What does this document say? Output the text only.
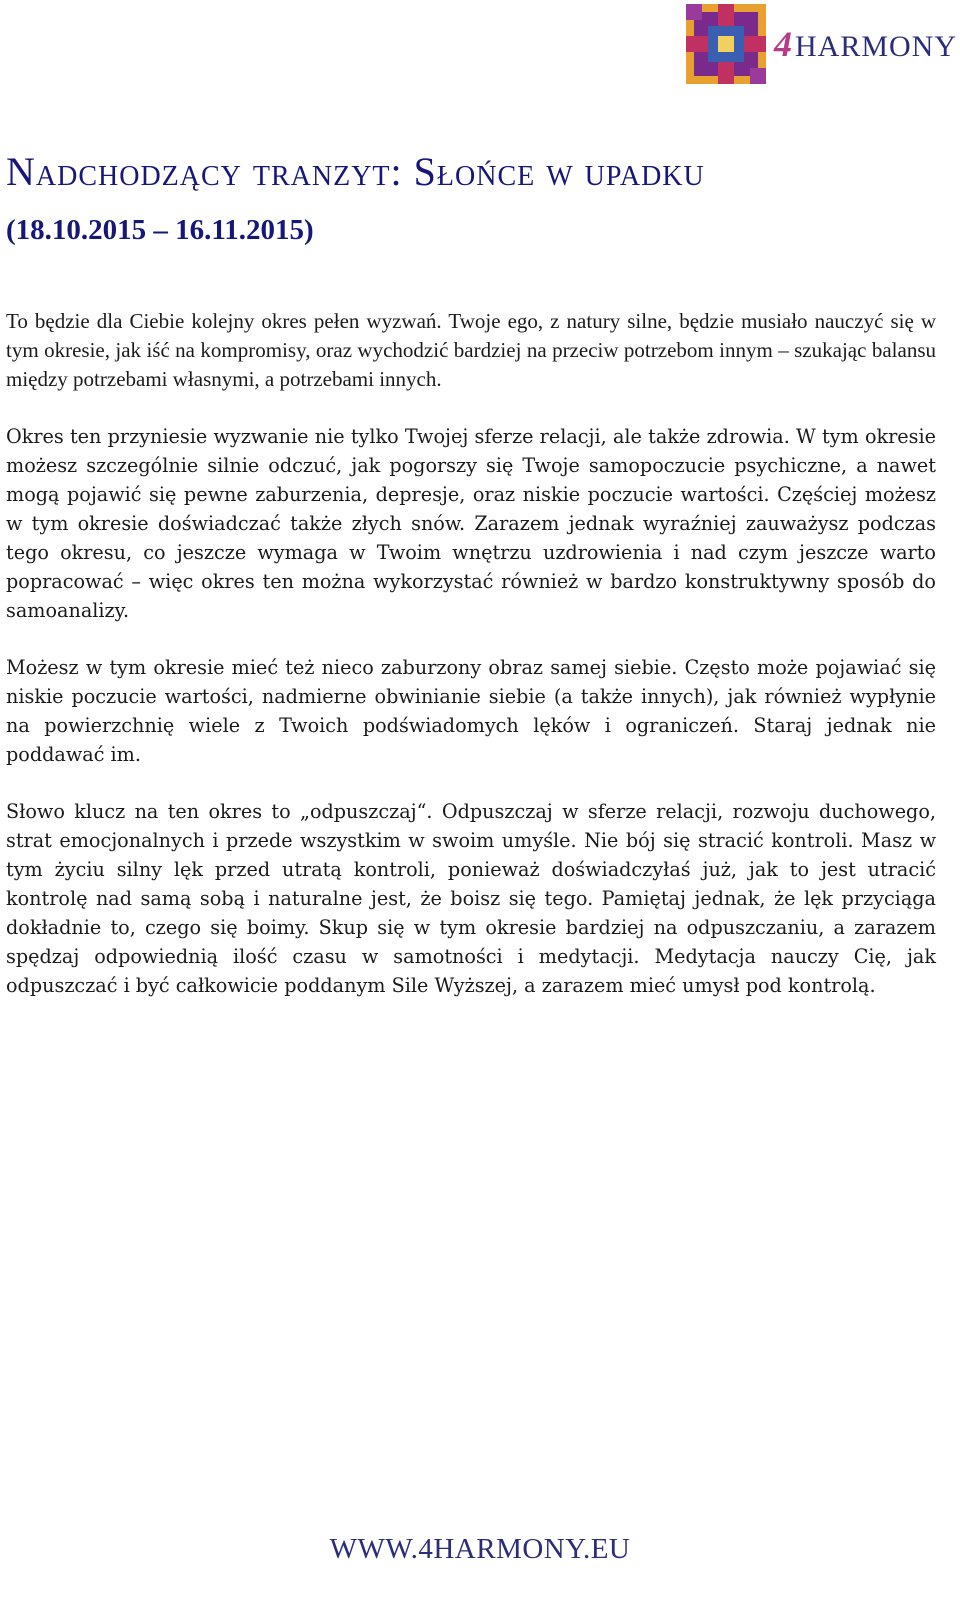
4HARMONY
Nadchodzący tranzyt: Słońce w upadku
(18.10.2015 – 16.11.2015)

To będzie dla Ciebie kolejny okres pełen wyzwań. Twoje ego, z natury silne, będzie musiało nauczyć się w tym okresie, jak iść na kompromisy, oraz wychodzić bardziej na przeciw potrzebom innym – szukając balansu między potrzebami własnymi, a potrzebami innych.

Okres ten przyniesie wyzwanie nie tylko Twojej sferze relacji, ale także zdrowia. W tym okresie możesz szczególnie silnie odczuć, jak pogorszy się Twoje samopoczucie psychiczne, a nawet mogą pojawić się pewne zaburzenia, depresje, oraz niskie poczucie wartości. Częściej możesz w tym okresie doświadczać także złych snów. Zarazem jednak wyraźniej zauważysz podczas tego okresu, co jeszcze wymaga w Twoim wnętrzu uzdrowienia i nad czym jeszcze warto popracować – więc okres ten można wykorzystać również w bardzo konstruktywny sposób do samoanalizy.

Możesz w tym okresie mieć też nieco zaburzony obraz samej siebie. Często może pojawiać się niskie poczucie wartości, nadmierne obwinianie siebie (a także innych), jak również wypłynie na powierzchnię wiele z Twoich podświadomych lęków i ograniczeń. Staraj jednak nie poddawać im.

Słowo klucz na ten okres to „odpuszczaj“. Odpuszczaj w sferze relacji, rozwoju duchowego, strat emocjonalnych i przede wszystkim w swoim umyśle. Nie bój się stracić kontroli. Masz w tym życiu silny lęk przed utratą kontroli, ponieważ doświadczyłaś już, jak to jest utracić kontrolę nad samą sobą i naturalne jest, że boisz się tego. Pamiętaj jednak, że lęk przyciąga dokładnie to, czego się boimy. Skup się w tym okresie bardziej na odpuszczaniu, a zarazem spędzaj odpowiednią ilość czasu w samotności i medytacji. Medytacja nauczy Cię, jak odpuszczać i być całkowicie poddanym Sile Wyższej, a zarazem mieć umysł pod kontrolą.

WWW.4HARMONY.EU
